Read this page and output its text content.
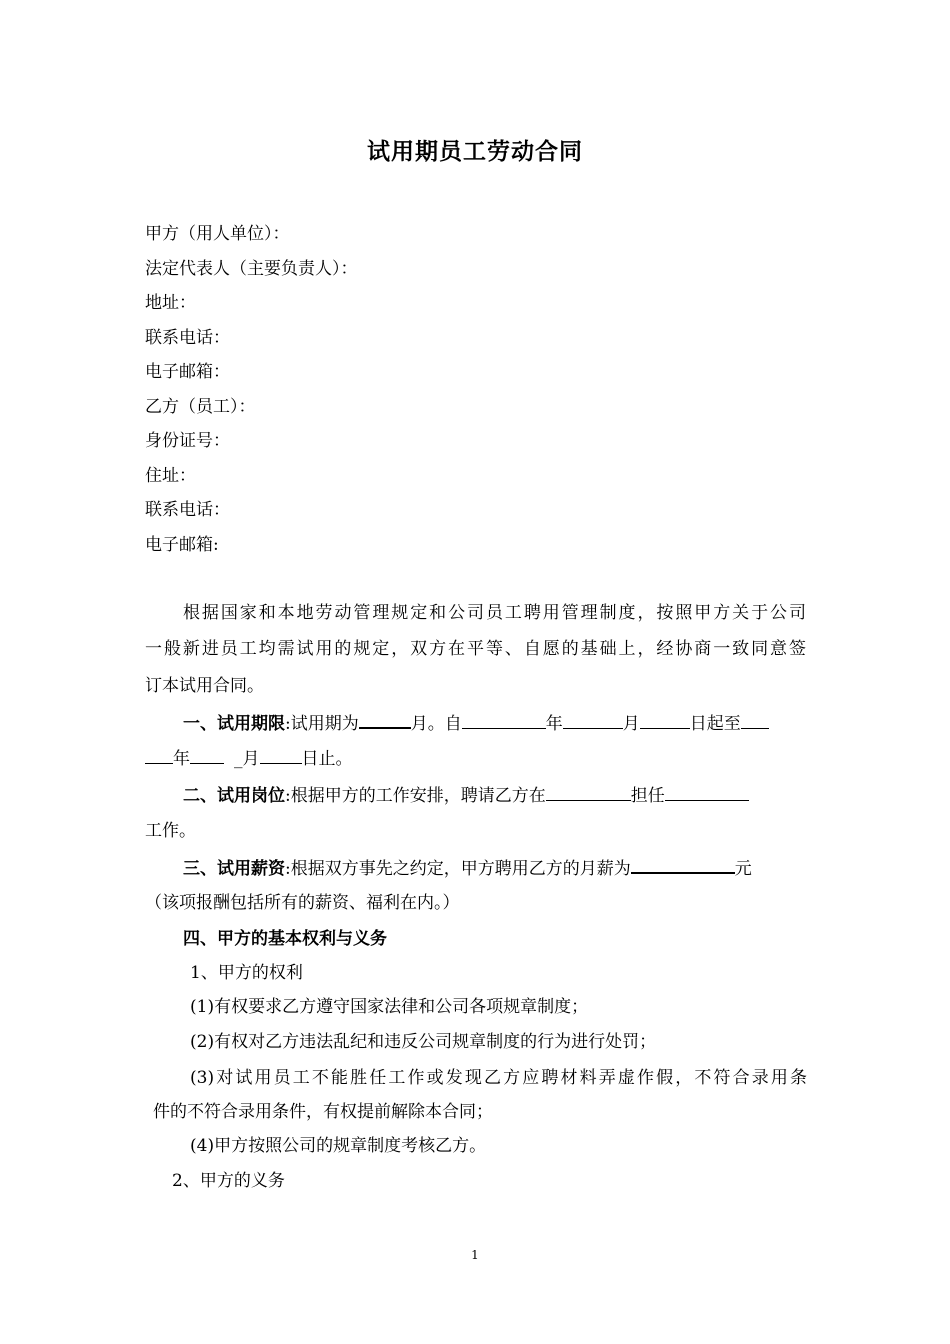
试用期员工劳动合同
甲方（用人单位）：
法定代表人（主要负责人）：
地址：
联系电话：
电子邮箱：
乙方（员工）：
身份证号：
住址：
联系电话：
电子邮箱:
根据国家和本地劳动管理规定和公司员工聘用管理制度，按照甲方关于公司
一般新进员工均需试用的规定，双方在平等、自愿的基础上，经协商一致同意签
订本试用合同。
一、试用期限:试用期为	月。自	年	月	日起至
年	_月 日止。
二、试用岗位:根据甲方的工作安排，聘请乙方在	担任
工作。
三、试用薪资:根据双方事先之约定，甲方聘用乙方的月薪为	元
（该项报酬包括所有的薪资、福利在内。）
四、甲方的基本权利与义务
1、甲方的权利
(1)有权要求乙方遵守国家法律和公司各项规章制度；
(2)有权对乙方违法乱纪和违反公司规章制度的行为进行处罚；
(3)对试用员工不能胜任工作或发现乙方应聘材料弄虚作假，不符合录用条
件的不符合录用条件，有权提前解除本合同；
(4)甲方按照公司的规章制度考核乙方。
2、甲方的义务
1
